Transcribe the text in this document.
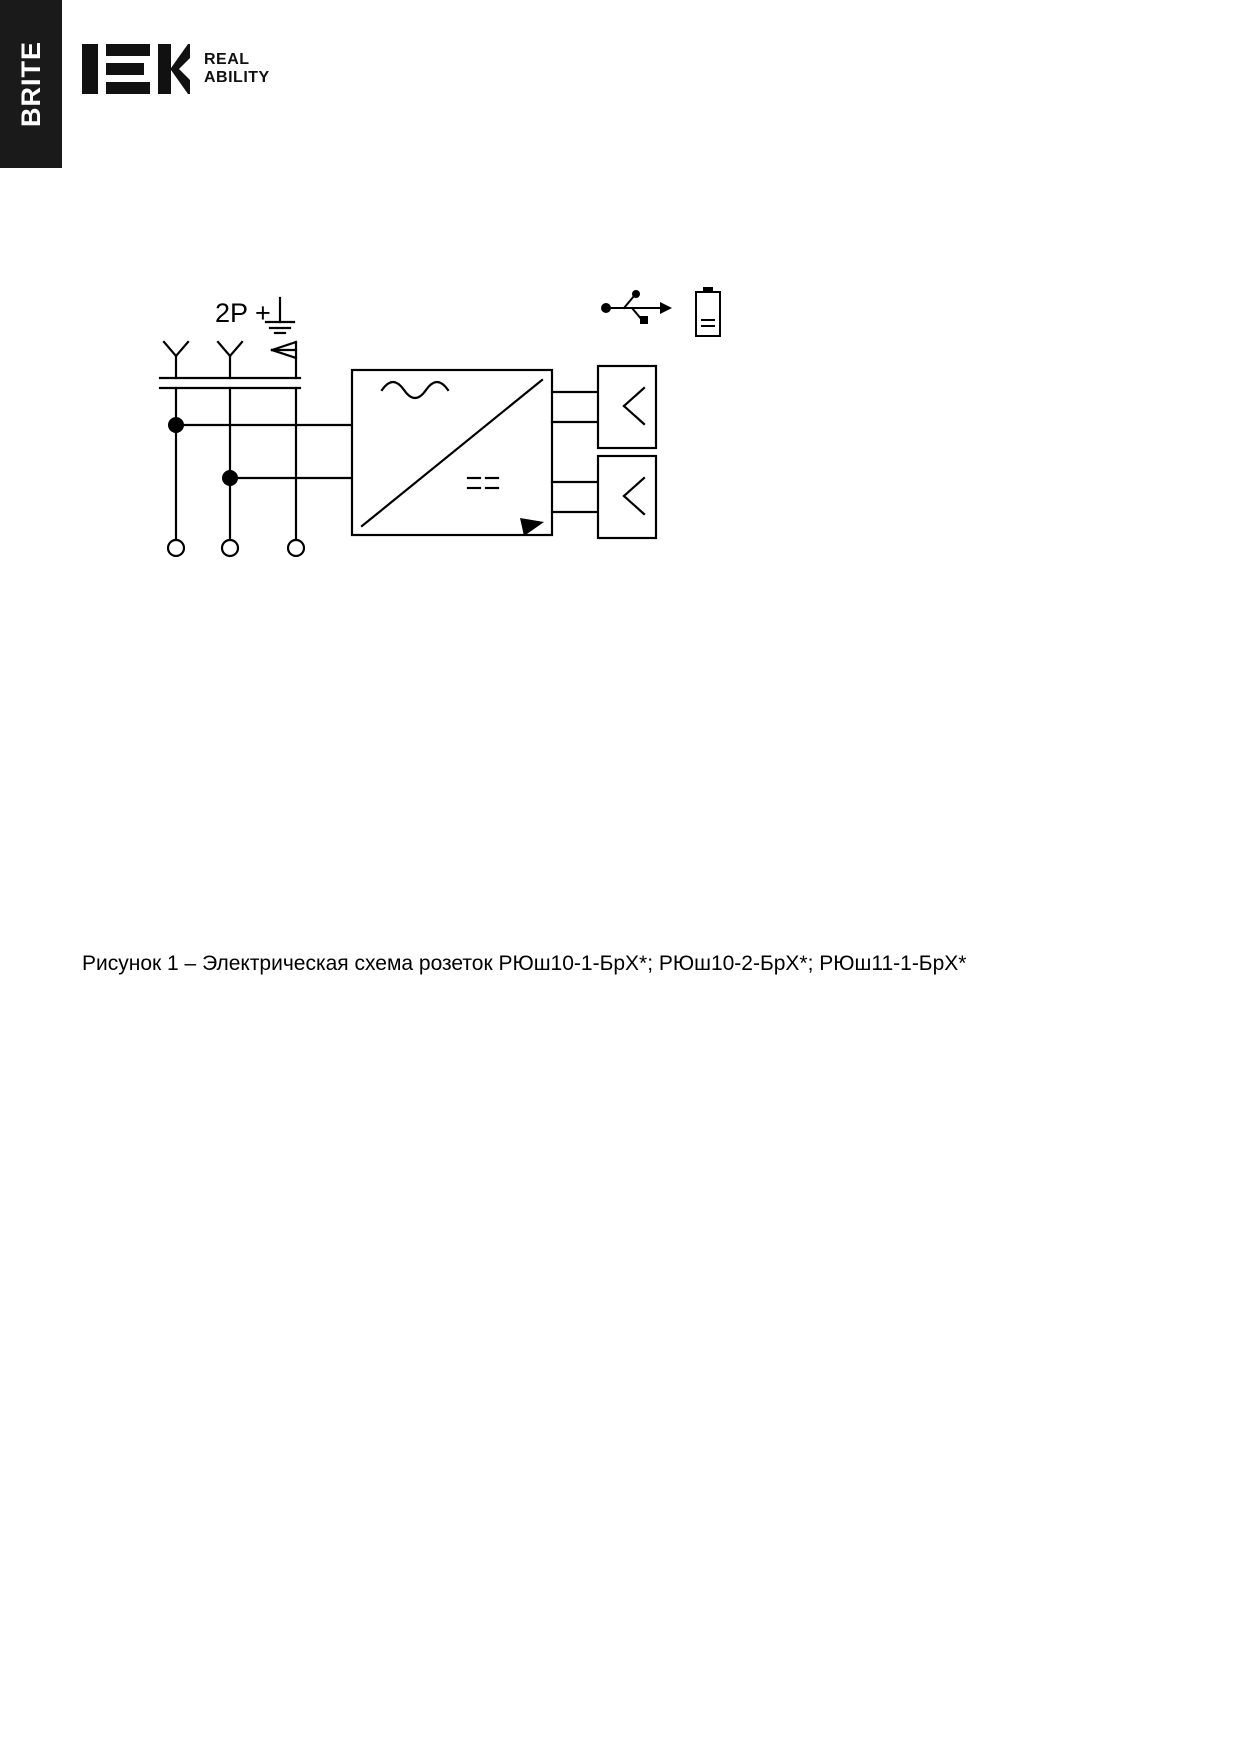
BRITE	REAL
ABILITY
2P +
Рисунок 1 – Электрическая схема розеток РЮш10-1-БрX*; РЮш10-2-БрX*; РЮш11-1-БрX*
